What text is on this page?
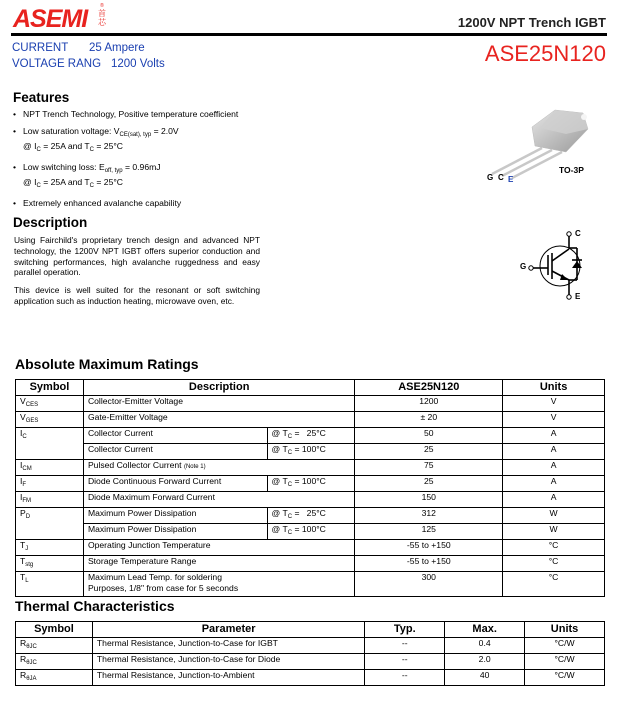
ASEMI	®
首
芯	1200V NPT Trench IGBT
ASE25N120
CURRENT 25 Ampere
VOLTAGE RANG 1200 Volts
Features
• NPT Trench Technology, Positive temperature coefficient
• Low saturation voltage: $V_{CE(sat), typ} = 2.0V$
@ $I_C = 25A$ and $T_C = 25^\circ C$
• Low switching loss: $E_{off, typ} = 0.96mJ$
@ $I_C = 25A$ and $T_C = 25^\circ C$
• Extremely enhanced avalanche capability
G C E
TO-3P
Description

Using Fairchild's proprietary trench design and advanced NPT technology, the 1200V NPT IGBT offers superior conduction and switching performances, high avalanche ruggedness and easy parallel operation.

This device is well suited for the resonant or soft switching application such as induction heating, microwave oven, etc.

C
G
E
Absolute Maximum Ratings
Symbol	Description		ASE25N120	Units
$V_{CES}$	Collector-Emitter Voltage		1200	V
$V_{GES}$	Gate-Emitter Voltage		± 20	V
$I_C$	Collector Current	@ $T_C = 25^\circ C$	50	A
	Collector Current	@ $T_C = 100^\circ C$	25	A
$I_{CM}$	Pulsed Collector Current (Note 1)		75	A
$I_F$	Diode Continuous Forward Current	@ $T_C = 100^\circ C$	25	A
$I_{FM}$	Diode Maximum Forward Current		150	A
$P_D$	Maximum Power Dissipation	@ $T_C = 25^\circ C$	312	W
	Maximum Power Dissipation	@ $T_C = 100^\circ C$	125	W
$T_J$	Operating Junction Temperature		-55 to +150	°C
$T_{stg}$	Storage Temperature Range		-55 to +150	°C
$T_L$	Maximum Lead Temp. for soldering
Purposes, 1/8" from case for 5 seconds		300	°C
Thermal Characteristics
Symbol	Parameter	Typ.	Max.	Units
$R_{\theta JC}$	Thermal Resistance, Junction-to-Case for IGBT	--	0.4	°C/W
$R_{\theta JC}$	Thermal Resistance, Junction-to-Case for Diode	--	2.0	°C/W
$R_{\theta JA}$	Thermal Resistance, Junction-to-Ambient	--	40	°C/W
